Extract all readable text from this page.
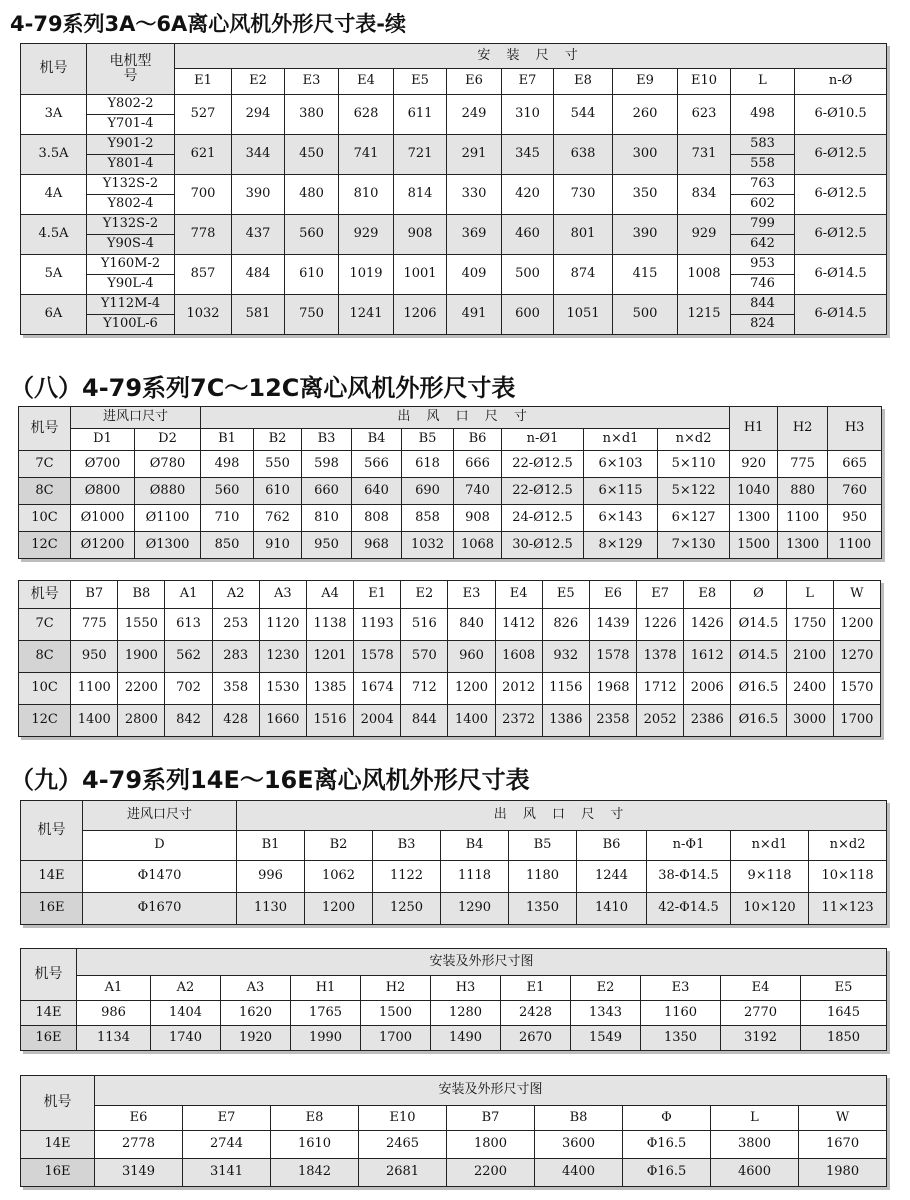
4-79系列3A～6A离心风机外形尺寸表-续
机号	电机型号	安 装 尺 寸											
		E1	E2	E3	E4	E5	E6	E7	E8	E9	E10	L	n-Ø
3A	Y802-2	527	294	380	628	611	249	310	544	260	623	498	6-Ø10.5
	Y701-4												
3.5A	Y901-2	621	344	450	741	721	291	345	638	300	731	583	6-Ø12.5
	Y801-4											558	
4A	Y132S-2	700	390	480	810	814	330	420	730	350	834	763	6-Ø12.5
	Y802-4											602	
4.5A	Y132S-2	778	437	560	929	908	369	460	801	390	929	799	6-Ø12.5
	Y90S-4											642	
5A	Y160M-2	857	484	610	1019	1001	409	500	874	415	1008	953	6-Ø14.5
	Y90L-4											746	
6A	Y112M-4	1032	581	750	1241	1206	491	600	1051	500	1215	844	6-Ø14.5
	Y100L-6											824	
（八）4-79系列7C～12C离心风机外形尺寸表
机号	进风口尺寸		出 风 口 尺 寸									H1	H2	H3
	D1	D2	B1	B2	B3	B4	B5	B6	n-Ø1	n×d1	n×d2			
7C	Ø700	Ø780	498	550	598	566	618	666	22-Ø12.5	6×103	5×110	920	775	665
8C	Ø800	Ø880	560	610	660	640	690	740	22-Ø12.5	6×115	5×122	1040	880	760
10C	Ø1000	Ø1100	710	762	810	808	858	908	24-Ø12.5	6×143	6×127	1300	1100	950
12C	Ø1200	Ø1300	850	910	950	968	1032	1068	30-Ø12.5	8×129	7×130	1500	1300	1100
机号	B7	B8	A1	A2	A3	A4	E1	E2	E3	E4	E5	E6	E7	E8	Ø	L	W
7C	775	1550	613	253	1120	1138	1193	516	840	1412	826	1439	1226	1426	Ø14.5	1750	1200
8C	950	1900	562	283	1230	1201	1578	570	960	1608	932	1578	1378	1612	Ø14.5	2100	1270
10C	1100	2200	702	358	1530	1385	1674	712	1200	2012	1156	1968	1712	2006	Ø16.5	2400	1570
12C	1400	2800	842	428	1660	1516	2004	844	1400	2372	1386	2358	2052	2386	Ø16.5	3000	1700
（九）4-79系列14E～16E离心风机外形尺寸表
机号	进风口尺寸	出 风 口 尺 寸								
	D	B1	B2	B3	B4	B5	B6	n-Φ1	n×d1	n×d2
14E	Φ1470	996	1062	1122	1118	1180	1244	38-Φ14.5	9×118	10×118
16E	Φ1670	1130	1200	1250	1290	1350	1410	42-Φ14.5	10×120	11×123
机号	安装及外形尺寸图										
	A1	A2	A3	H1	H2	H3	E1	E2	E3	E4	E5
14E	986	1404	1620	1765	1500	1280	2428	1343	1160	2770	1645
16E	1134	1740	1920	1990	1700	1490	2670	1549	1350	3192	1850
机号	安装及外形尺寸图								
	E6	E7	E8	E10	B7	B8	Φ	L	W
14E	2778	2744	1610	2465	1800	3600	Φ16.5	3800	1670
16E	3149	3141	1842	2681	2200	4400	Φ16.5	4600	1980
